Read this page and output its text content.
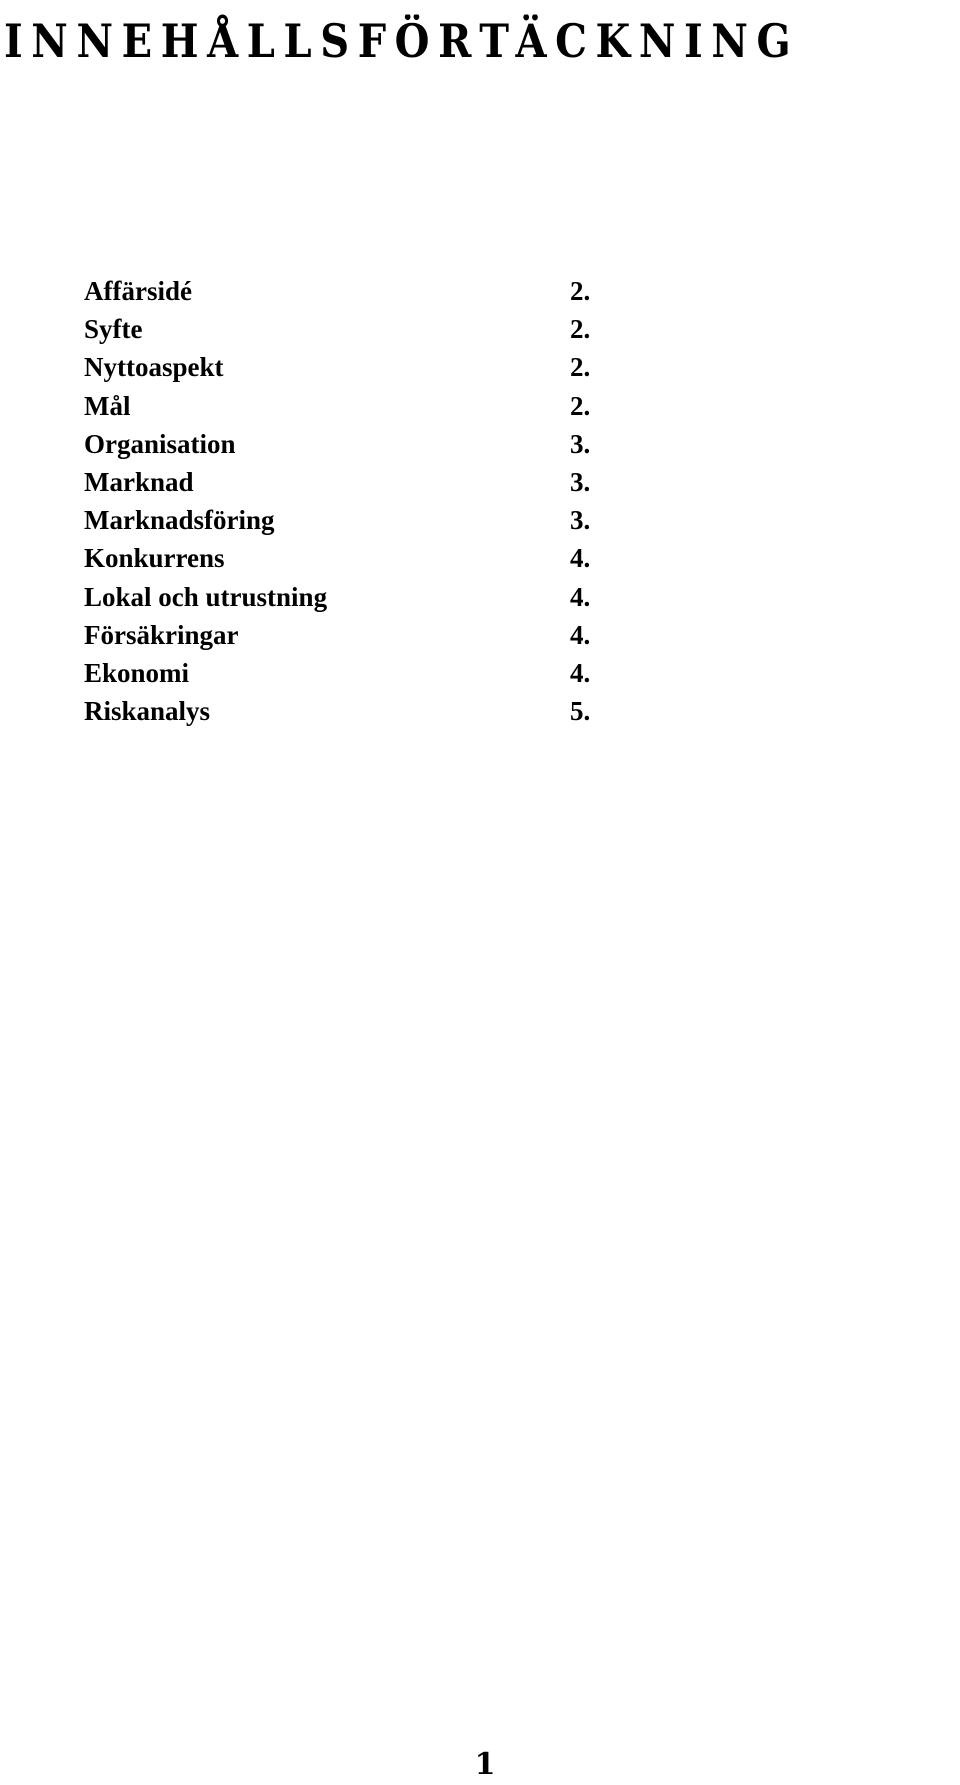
INNEHÅLLSFÖRTÄCKNING
Affärsidé	2.
Syfte	2.
Nyttoaspekt	2.
Mål	2.
Organisation	3.
Marknad	3.
Marknadsföring	3.
Konkurrens	4.
Lokal och utrustning	4.
Försäkringar	4.
Ekonomi	4.
Riskanalys	5.
1
